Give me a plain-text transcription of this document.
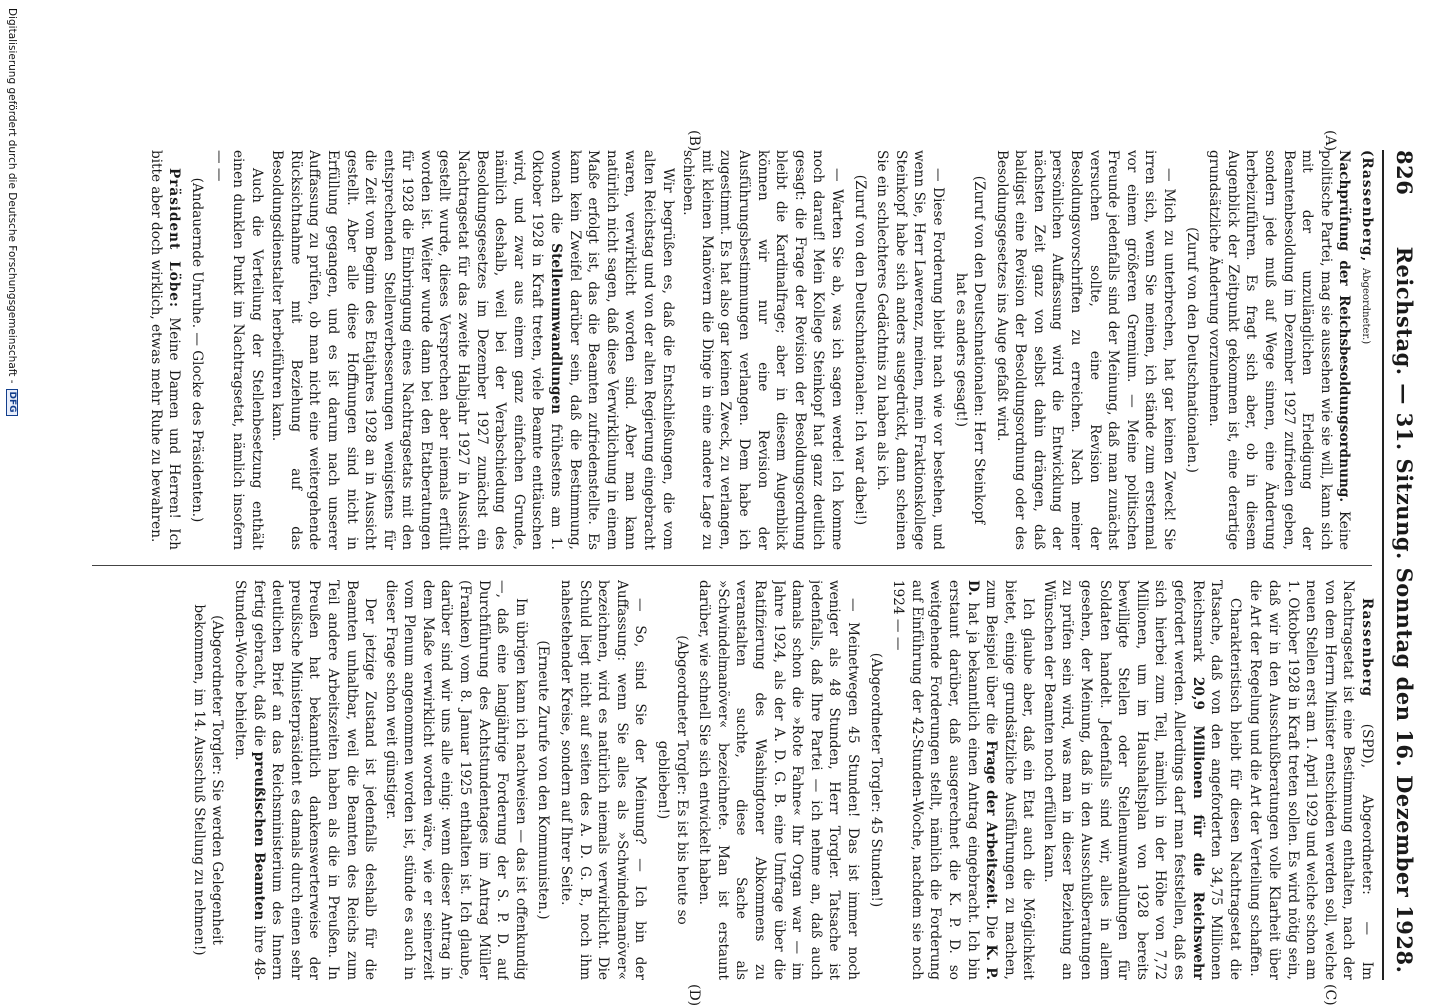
826
Reichstag. — 31. Sitzung. Sonntag den 16. Dezember 1928.
(A)
(B)
(C)
(D)

(Rassenberg, Abgeordneter.)

Nachprüfung der Reichsbesoldungsordnung. Keine politische Partei, mag sie aussehen wie sie will, kann sich mit der unzulänglichen Erledigung der Beamtenbesoldung im Dezember 1927 zufrieden geben, sondern jede muß auf Wege sinnen, eine Änderung herbeizuführen. Es fragt sich aber, ob in diesem Augenblick der Zeitpunkt gekommen ist, eine derartige grundsätzliche Änderung vorzunehmen.

(Zuruf von den Deutschnationalen.)

— Mich zu unterbrechen, hat gar keinen Zweck! Sie irren sich, wenn Sie meinen, ich stände zum erstenmal vor einem größeren Gremium. — Meine politischen Freunde jedenfalls sind der Meinung, daß man zunächst versuchen sollte, eine Revision der Besoldungsvorschriften zu erreichen. Nach meiner persönlichen Auffassung wird die Entwicklung der nächsten Zeit ganz von selbst dahin drängen, daß baldigst eine Revision der Besoldungsordnung oder des Besoldungsgesetzes ins Auge gefaßt wird.

(Zuruf von den Deutschnationalen: Herr Steinkopf hat es anders gesagt!)

— Diese Forderung bleibt nach wie vor bestehen, und wenn Sie, Herr Lawerenz, meinen, mein Fraktionskollege Steinkopf habe sich anders ausgedrückt, dann scheinen Sie ein schlechteres Gedächtnis zu haben als ich.

(Zuruf von den Deutschnationalen: Ich war dabei!)

— Warten Sie ab, was ich sagen werde! Ich komme noch darauf! Mein Kollege Steinkopf hat ganz deutlich gesagt: die Frage der Revision der Besoldungsordnung bleibt die Kardinalfrage; aber in diesem Augenblick können wir nur eine Revision der Ausführungsbestimmungen verlangen. Dem habe ich zugestimmt. Es hat also gar keinen Zweck, zu verlangen, mit kleinen Manövern die Dinge in eine andere Lage zu schieben.

Wir begrüßen es, daß die Entschließungen, die vom alten Reichstag und von der alten Regierung eingebracht waren, verwirklicht worden sind. Aber man kann natürlich nicht sagen, daß diese Verwirklichung in einem Maße erfolgt ist, das die Beamten zufriedenstellte. Es kann kein Zweifel darüber sein, daß die Bestimmung, wonach die Stellenumwandlungen frühestens am 1. Oktober 1928 in Kraft treten, viele Beamte enttäuschen wird, und zwar aus einem ganz einfachen Grunde, nämlich deshalb, weil bei der Verabschiedung des Besoldungsgesetzes im Dezember 1927 zunächst ein Nachtragsetat für das zweite Halbjahr 1927 in Aussicht gestellt wurde, dieses Versprechen aber niemals erfüllt worden ist. Weiter wurde dann bei den Etatberatungen für 1928 die Einbringung eines Nachtragsetats mit den entsprechenden Stellenverbesserungen wenigstens für die Zeit vom Beginn des Etatjahres 1928 an in Aussicht gestellt. Aber alle diese Hoffnungen sind nicht in Erfüllung gegangen, und es ist darum nach unserer Auffassung zu prüfen, ob man nicht eine weitergehende Rücksichtnahme mit Beziehung auf das Besoldungsdienstalter herbeiführen kann.

Auch die Verteilung der Stellenbesetzung enthält einen dunklen Punkt im Nachtragsetat, nämlich insofern — —

(Andauernde Unruhe. — Glocke des Präsidenten.)

Präsident Löbe: Meine Damen und Herren! Ich bitte aber doch wirklich, etwas mehr Ruhe zu bewahren.

Rassenberg (SPD), Abgeordneter: — Im Nachtragsetat ist eine Bestimmung enthalten, nach der von dem Herrn Minister entschieden werden soll, welche neuen Stellen erst am 1. April 1929 und welche schon am 1. Oktober 1928 in Kraft treten sollen. Es wird nötig sein, daß wir in den Ausschußberatungen volle Klarheit über die Art der Regelung und die Art der Verteilung schaffen.

Charakteristisch bleibt für diesen Nachtragsetat die Tatsache, daß von den angeforderten 34,75 Millionen Reichsmark 20,9 Millionen für die Reichswehr gefordert werden. Allerdings darf man feststellen, daß es sich hierbei zum Teil, nämlich in der Höhe von 7,72 Millionen, um im Haushaltsplan von 1928 bereits bewilligte Stellen oder Stellenumwandlungen für Soldaten handelt. Jedenfalls sind wir, alles in allem gesehen, der Meinung, daß in den Ausschußberatungen zu prüfen sein wird, was man in dieser Beziehung an Wünschen der Beamten noch erfüllen kann.

Ich glaube aber, daß ein Etat auch die Möglichkeit bietet, einige grundsätzliche Ausführungen zu machen, zum Beispiel über die Frage der Arbeitszeit. Die K. P. D. hat ja bekanntlich einen Antrag eingebracht. Ich bin erstaunt darüber, daß ausgerechnet die K. P. D. so weitgehende Forderungen stellt, nämlich die Forderung auf Einführung der 42-Stunden-Woche, nachdem sie noch 1924 — —

(Abgeordneter Torgler: 45 Stunden!)

— Meinetwegen 45 Stunden! Das ist immer noch weniger als 48 Stunden, Herr Torgler. Tatsache ist jedenfalls, daß Ihre Partei — ich nehme an, daß auch damals schon die »Rote Fahne« Ihr Organ war — im Jahre 1924, als der A. D. G. B. eine Umfrage über die Ratifizierung des Washingtoner Abkommens zu veranstalten suchte, diese Sache als »Schwindelmanöver« bezeichnete. Man ist erstaunt darüber, wie schnell Sie sich entwickelt haben.

(Abgeordneter Torgler: Es ist bis heute so geblieben!)

— So, sind Sie der Meinung? — Ich bin der Auffassung: wenn Sie alles als »Schwindelmanöver« bezeichnen, wird es natürlich niemals verwirklicht. Die Schuld liegt nicht auf seiten des A. D. G. B., noch ihm nahestehender Kreise, sondern auf Ihrer Seite.

(Erneute Zurufe von den Kommunisten.)

Im übrigen kann ich nachweisen — das ist offenkundig —, daß eine langjährige Forderung der S. P. D. auf Durchführung des Achtstundentages im Antrag Müller (Franken) vom 8. Januar 1925 enthalten ist. Ich glaube, darüber sind wir uns alle einig: wenn dieser Antrag in dem Maße verwirklicht worden wäre, wie er seinerzeit vom Plenum angenommen worden ist, stünde es auch in dieser Frage schon weit günstiger.

Der jetzige Zustand ist jedenfalls deshalb für die Beamten unhaltbar, weil die Beamten des Reichs zum Teil andere Arbeitszeiten haben als die in Preußen. In Preußen hat bekanntlich dankenswerterweise der preußische Ministerpräsident es damals durch einen sehr deutlichen Brief an das Reichsministerium des Innern fertig gebracht, daß die preußischen Beamten ihre 48-Stunden-Woche behielten.

(Abgeordneter Torgler: Sie werden Gelegenheit bekommen, im 14. Ausschuß Stellung zu nehmen!)

Digitalisierung gefördert durch die Deutsche Forschungsgemeinschaft -
DFG
